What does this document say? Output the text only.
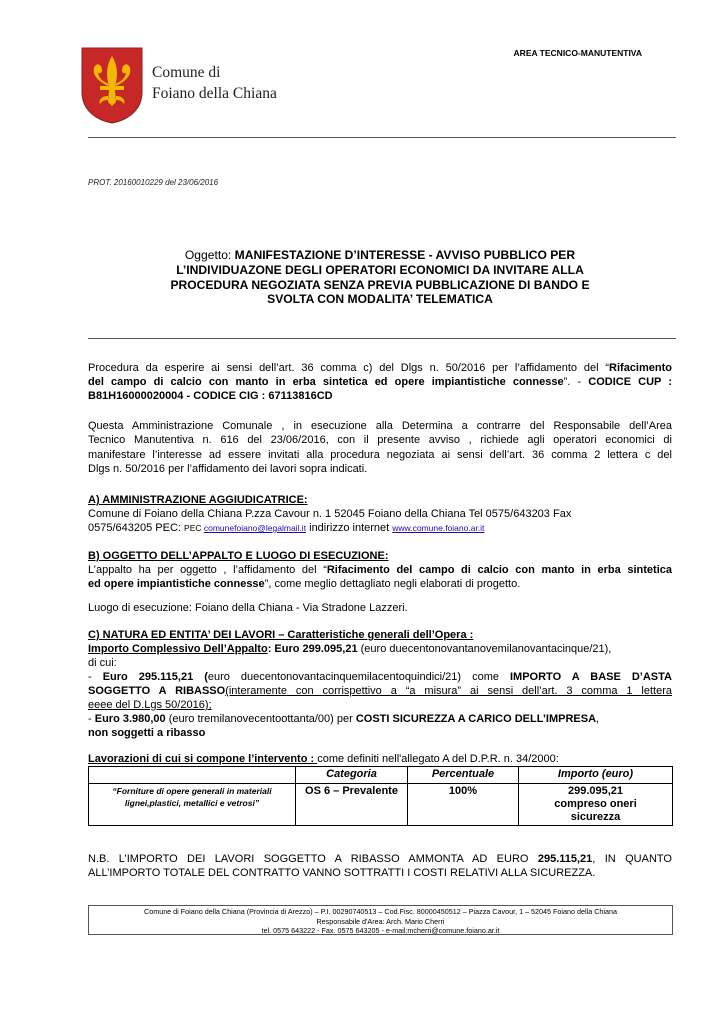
Comune di
Foiano della Chiana
AREA TECNICO-MANUTENTIVA
PROT. 20160010229 del 23/06/2016
Oggetto: MANIFESTAZIONE D’INTERESSE - AVVISO PUBBLICO PER
L’INDIVIDUAZONE DEGLI OPERATORI ECONOMICI DA INVITARE ALLA
PROCEDURA NEGOZIATA SENZA PREVIA PUBBLICAZIONE DI BANDO E
SVOLTA CON MODALITA’ TELEMATICA
Procedura da esperire ai sensi dell’art. 36 comma c) del Dlgs n. 50/2016 per l’affidamento del “Rifacimento
del campo di calcio con manto in erba sintetica ed opere impiantistiche connesse”. - CODICE CUP :
B81H16000020004 - CODICE CIG : 67113816CD
Questa Amministrazione Comunale , in esecuzione alla Determina a contrarre del Responsabile dell’Area
Tecnico Manutentiva n. 616 del 23/06/2016, con il presente avviso , richiede agli operatori economici di
manifestare l’interesse ad essere invitati alla procedura negoziata ai sensi dell’art. 36 comma 2 lettera c del
Dlgs n. 50/2016 per l’affidamento dei lavori sopra indicati.
A) AMMINISTRAZIONE AGGIUDICATRICE:
Comune di Foiano della Chiana P.zza Cavour n. 1 52045 Foiano della Chiana Tel 0575/643203 Fax
0575/643205 PEC: PEC comunefoiano@legalmail.it indirizzo internet www.comune.foiano.ar.it
B) OGGETTO DELL’APPALTO E LUOGO DI ESECUZIONE:
L’appalto ha per oggetto , l’affidamento del “Rifacimento del campo di calcio con manto in erba sintetica
ed opere impiantistiche connesse”, come meglio dettagliato negli elaborati di progetto.
Luogo di esecuzione: Foiano della Chiana - Via Stradone Lazzeri.
C) NATURA ED ENTITA’ DEI LAVORI – Caratteristiche generali dell’Opera :
Importo Complessivo Dell’Appalto: Euro 299.095,21 (euro duecentonovantanovemilanovantacinque/21),
di cui:
- Euro 295.115,21 (euro duecentonovantacinquemilacentoquindici/21) come IMPORTO A BASE D’ASTA
SOGGETTO A RIBASSO(interamente con corrispettivo a “a misura” ai sensi dell’art. 3 comma 1 lettera
eeee del D.Lgs 50/2016);
- Euro 3.980,00 (euro tremilanovecentoottanta/00) per COSTI SICUREZZA A CARICO DELL’IMPRESA,
non soggetti a ribasso
Lavorazioni di cui si compone l’intervento : come definiti nell'allegato A del D.P.R. n. 34/2000:
	Categoria	Percentuale	Importo (euro)
“Forniture di opere generali in materiali lignei,plastici, metallici e vetrosi”	OS 6 – Prevalente	100%	299.095,21
compreso oneri
sicurezza
N.B. L’IMPORTO DEI LAVORI SOGGETTO A RIBASSO AMMONTA AD EURO 295.115,21, IN QUANTO
ALL’IMPORTO TOTALE DEL CONTRATTO VANNO SOTTRATTI I COSTI RELATIVI ALLA SICUREZZA.
Comune di Foiano della Chiana (Provincia di Arezzo) – P.I. 00290740513 – Cod.Fisc. 80000450512 – Piazza Cavour, 1 – 52045 Foiano della Chiana
Responsabile d'Area: Arch. Mario Cherri
tel. 0575 643222 - Fax. 0575 643205 - e-mail:mcherri@comune.foiano.ar.it
